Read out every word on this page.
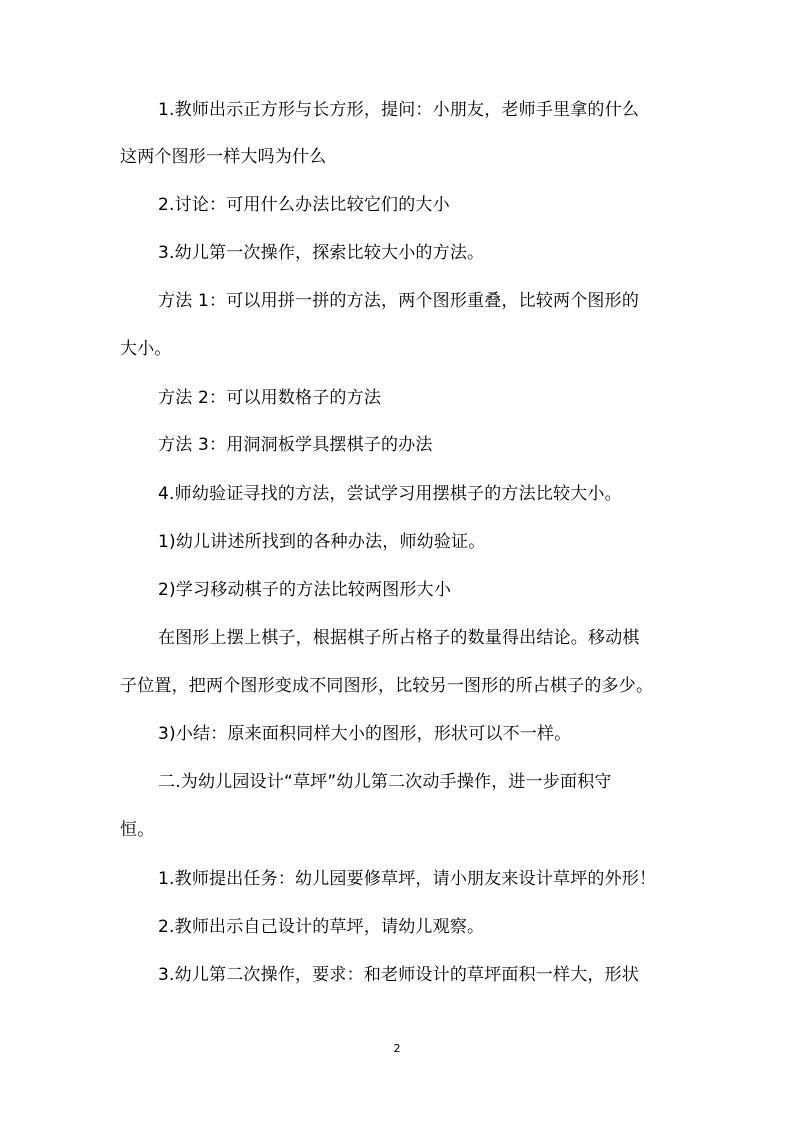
1.教师出示正方形与长方形，提问：小朋友，老师手里拿的什么
这两个图形一样大吗为什么
2.讨论：可用什么办法比较它们的大小
3.幼儿第一次操作，探索比较大小的方法。
方法 1：可以用拼一拼的方法，两个图形重叠，比较两个图形的
大小。
方法 2：可以用数格子的方法
方法 3：用洞洞板学具摆棋子的办法
4.师幼验证寻找的方法，尝试学习用摆棋子的方法比较大小。
1)幼儿讲述所找到的各种办法，师幼验证。
2)学习移动棋子的方法比较两图形大小
在图形上摆上棋子，根据棋子所占格子的数量得出结论。移动棋
子位置，把两个图形变成不同图形，比较另一图形的所占棋子的多少。
3)小结：原来面积同样大小的图形，形状可以不一样。
二.为幼儿园设计“草坪”幼儿第二次动手操作，进一步面积守
恒。
1.教师提出任务：幼儿园要修草坪，请小朋友来设计草坪的外形！
2.教师出示自己设计的草坪，请幼儿观察。
3.幼儿第二次操作，要求：和老师设计的草坪面积一样大，形状
2
